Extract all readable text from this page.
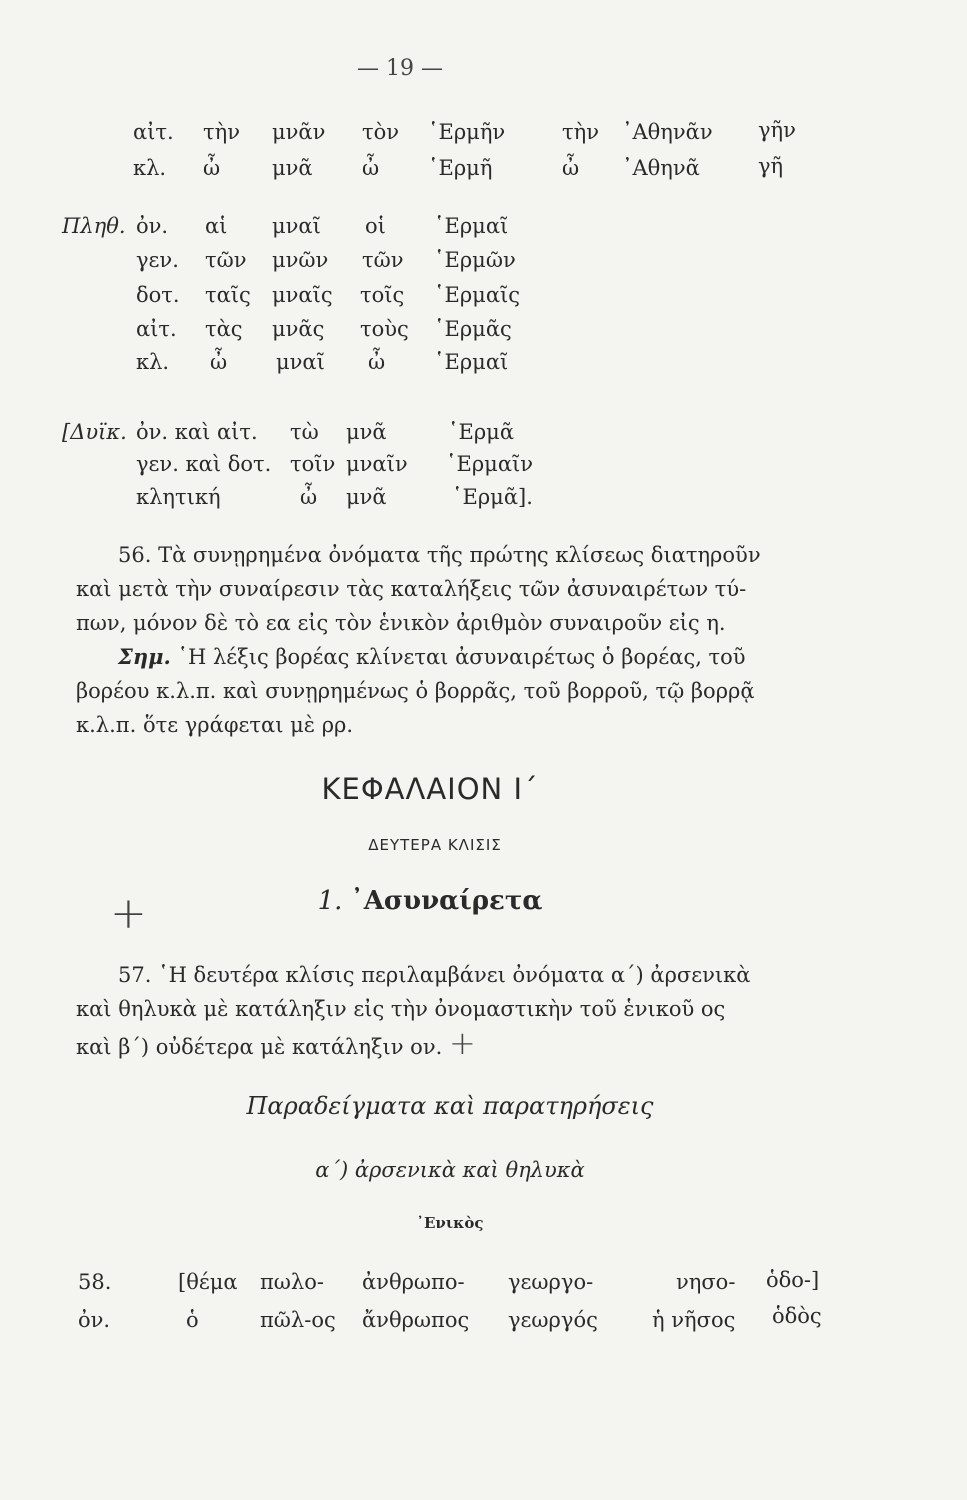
— 19 —
αἰτ. τὴν μνᾶν τὸν ῾Ερμῆν	τὴν ᾿Αθηνᾶν γῆν
κλ. ὦ μνᾶ ὦ ῾Ερμῆ	ὦ ᾿Αθηνᾶ	γῆ
Πληθ. ὀν. αἱ μναῖ οἱ ῾Ερμαῖ
γεν. τῶν μνῶν τῶν ῾Ερμῶν
δοτ. ταῖς μναῖς τοῖς ῾Ερμαῖς
αἰτ. τὰς μνᾶς τοὺς ῾Ερμᾶς
κλ. ὦ μναῖ ὦ ῾Ερμαῖ
[Δυϊκ. ὀν. καὶ αἰτ. τὼ μνᾶ	῾Ερμᾶ
γεν. καὶ δοτ. τοῖν μναῖν ῾Ερμαῖν
κλητική	ὦ μνᾶ	῾Ερμᾶ].

56. Τὰ συνῃρημένα ὀνόματα τῆς πρώτης κλίσεως διατηροῦν

καὶ μετὰ τὴν συναίρεσιν τὰς καταλήξεις τῶν ἀσυναιρέτων τύ-

πων, μόνον δὲ τὸ εα εἰς τὸν ἑνικὸν ἀριθμὸν συναιροῦν εἰς η.

Σημ. ῾Η λέξις βορέας κλίνεται ἀσυναιρέτως ὁ βορέας, τοῦ

βορέου κ.λ.π. καὶ συνῃρημένως ὁ βορρᾶς, τοῦ βορροῦ, τῷ βορρᾷ

κ.λ.π. ὅτε γράφεται μὲ ρρ.

ΚΕΦΑΛΑΙΟΝ Ι΄
ΔΕΥΤΕΡΑ ΚΛΙΣΙΣ
1. ᾿Ασυναίρετα
+

57. ῾Η δευτέρα κλίσις περιλαμβάνει ὀνόματα α΄) ἀρσενικὰ

καὶ θηλυκὰ μὲ κατάληξιν εἰς τὴν ὀνομαστικὴν τοῦ ἑνικοῦ ος

καὶ β΄) οὐδέτερα μὲ κατάληξιν ον. +

Παραδείγματα καὶ παρατηρήσεις
α΄) ἀρσενικὰ καὶ θηλυκὰ
᾿Ενικὸς
58.	[θέμα πωλο- ἀνθρωπο- γεωργο-	νησο- ὁδο-]
ὀν.	ὁ	πῶλ-ος ἄνθρωπος γεωργός	ἡ νῆσος ὁδὸς
